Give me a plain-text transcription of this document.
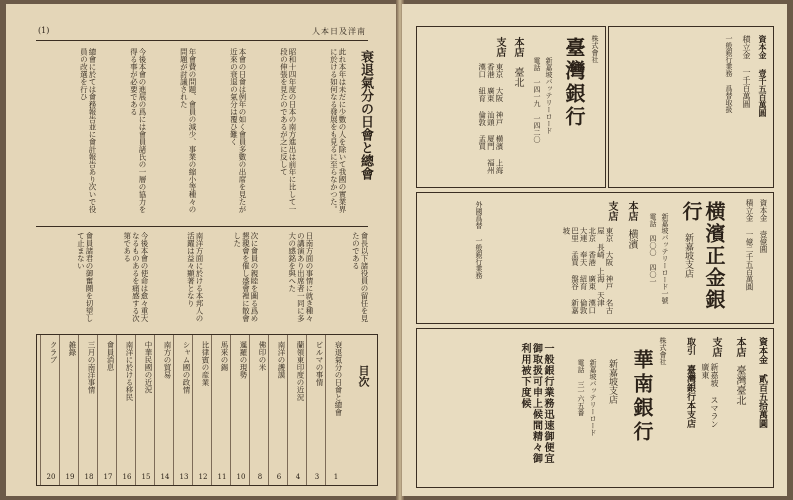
(1)	人本日及洋南
衰退氣分の日會と總會
此れ本年は未だに少數の人を除いて我國の實業界に於ける如何なる發展をも見るに至らなかつた。
昭和十四年度の日本の南方進出は前年に比して一段の伸張を見たのであるが之に反して
本會の日會は例年の如く會員多數の出席を見たが近來の衰退の氣分は覆ひ難く
年會費の問題、會員の減少、事業の縮小等種々の問題が討議された
今後本會の進展の爲には會員諸氏の一層の協力を得る事が必要である
總會に於ては會務報告並に會計報告あり次いで役員の改選を行ひ
會長以下諸役員の留任を見たのである
日南方面の事情に就き種々の講演あり出席者一同に多大の感銘を與へた
次に會員の親睦を圖る爲め懇親會を催し盛會裡に散會した
南洋方面に於ける本邦人の活躍は益々顯著となり
今後本會の使命は愈々重大なるものあるを痛感する次第である
會員諸君の御奮鬪を切望して止まない
目次
衰退氣分の日會と總會
1
ビルマの事情
3
蘭領東印度の近況
4
南洋の護謨
6
佛印の米
8
暹羅の現勢
10
馬來の錫
11
比律賓の産業
12
シャム國の政情
13
南方の貿易
14
中華民國の近況
15
南洋に於ける移民
16
會員消息
17
三月の南洋事情
18
雑錄
19
クラブ
20
株式會社
臺灣銀行
新嘉坡バッテリーロード
電話 一四一九 一四二〇
本店
臺北
支店
東京 大阪 神戸 横濱 上海 香港 廣東 汕頭 厦門 福州 漢口 紐育 倫敦 孟買	資本金 壹千五百萬圓
積立金 一千百萬圓
一般銀行業務 爲替取扱
資本金 壹億圓
積立金 一億二千五百萬圓
横濱正金銀行
新嘉坡支店
新嘉坡バッテリーロード一號
電話 四〇〇 四〇一
本店
横濱
支店
東京 大阪 神戸 名古屋 長崎 上海 天津 北京 香港 廣東 漢口 大連 奉天 紐育 倫敦 巴里 孟買 盤谷 新嘉坡
外國爲替 一般銀行業務
資本金 貳百五拾萬圓
本店
臺灣臺北
支店
新嘉坡 スマラン 廣東
取引 臺灣銀行本支店
株式會社
華南銀行
新嘉坡支店
新嘉坡バッテリーロード
電話 三一六五番
一般銀行業務迅速御便宜御取扱可申上候間精々御利用被下度候
